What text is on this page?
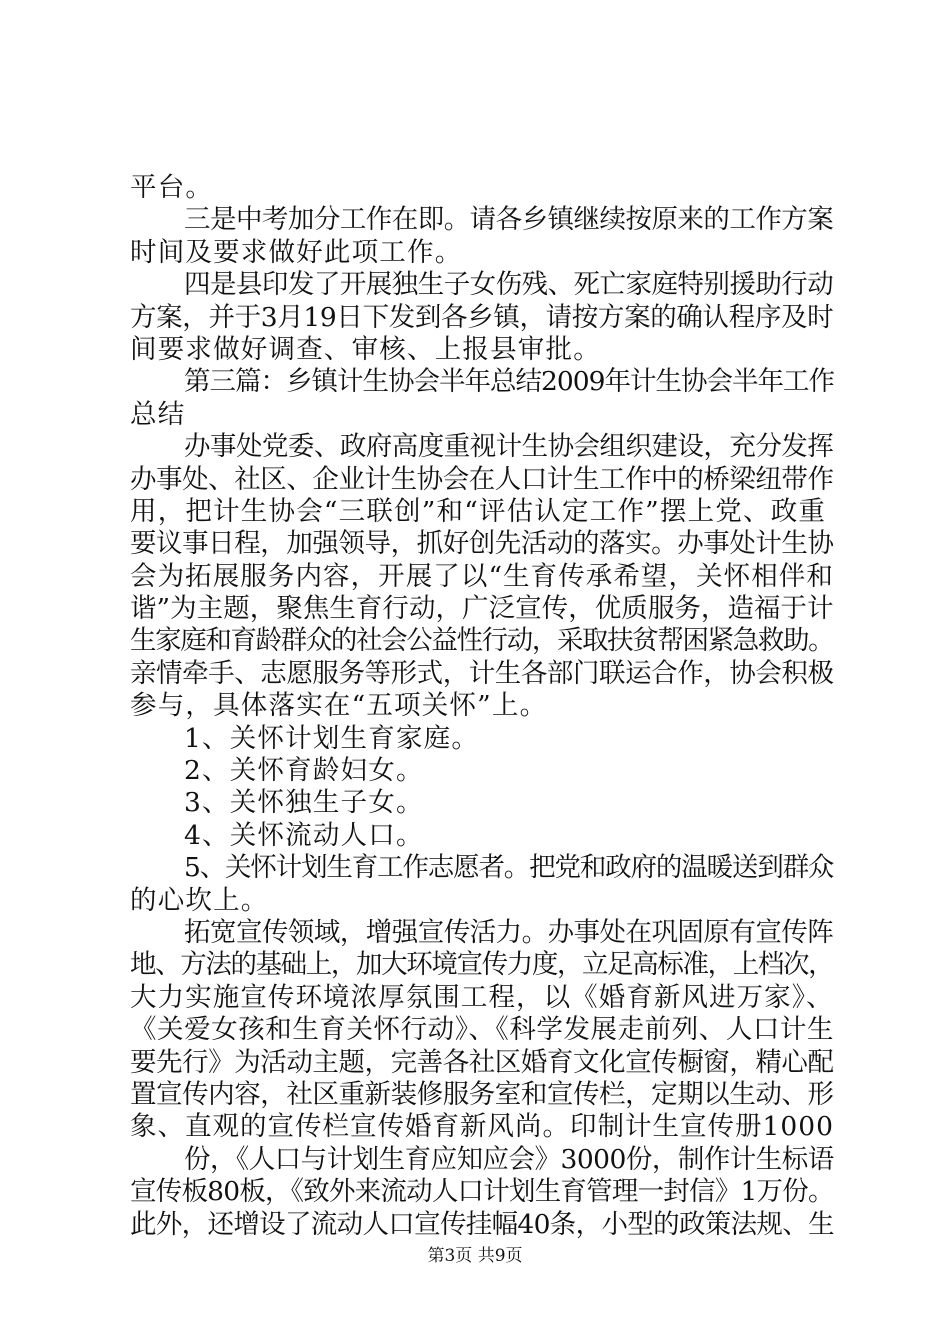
平台。
三是中考加分工作在即。请各乡镇继续按原来的工作方案
时间及要求做好此项工作。
四是县印发了开展独生子女伤残、死亡家庭特别援助行动
方案，并于3月19日下发到各乡镇，请按方案的确认程序及时
间要求做好调查、审核、上报县审批。
第三篇：乡镇计生协会半年总结2009年计生协会半年工作
总结
办事处党委、政府高度重视计生协会组织建设，充分发挥
办事处、社区、企业计生协会在人口计生工作中的桥梁纽带作
用，把计生协会“三联创”和“评估认定工作”摆上党、政重
要议事日程，加强领导，抓好创先活动的落实。办事处计生协
会为拓展服务内容，开展了以“生育传承希望，关怀相伴和
谐”为主题，聚焦生育行动，广泛宣传，优质服务，造福于计
生家庭和育龄群众的社会公益性行动，采取扶贫帮困紧急救助。
亲情牵手、志愿服务等形式，计生各部门联运合作，协会积极
参与，具体落实在“五项关怀”上。
1、关怀计划生育家庭。
2、关怀育龄妇女。
3、关怀独生子女。
4、关怀流动人口。
5、关怀计划生育工作志愿者。把党和政府的温暖送到群众
的心坎上。
拓宽宣传领域，增强宣传活力。办事处在巩固原有宣传阵
地、方法的基础上，加大环境宣传力度，立足高标准，上档次，
大力实施宣传环境浓厚氛围工程，以《婚育新风进万家》、
《关爱女孩和生育关怀行动》、《科学发展走前列、人口计生
要先行》为活动主题，完善各社区婚育文化宣传橱窗，精心配
置宣传内容，社区重新装修服务室和宣传栏，定期以生动、形
象、直观的宣传栏宣传婚育新风尚。印制计生宣传册1000
份，《人口与计划生育应知应会》3000份，制作计生标语
宣传板80板，《致外来流动人口计划生育管理一封信》1万份。
此外，还增设了流动人口宣传挂幅40条，小型的政策法规、生
第3页 共9页
